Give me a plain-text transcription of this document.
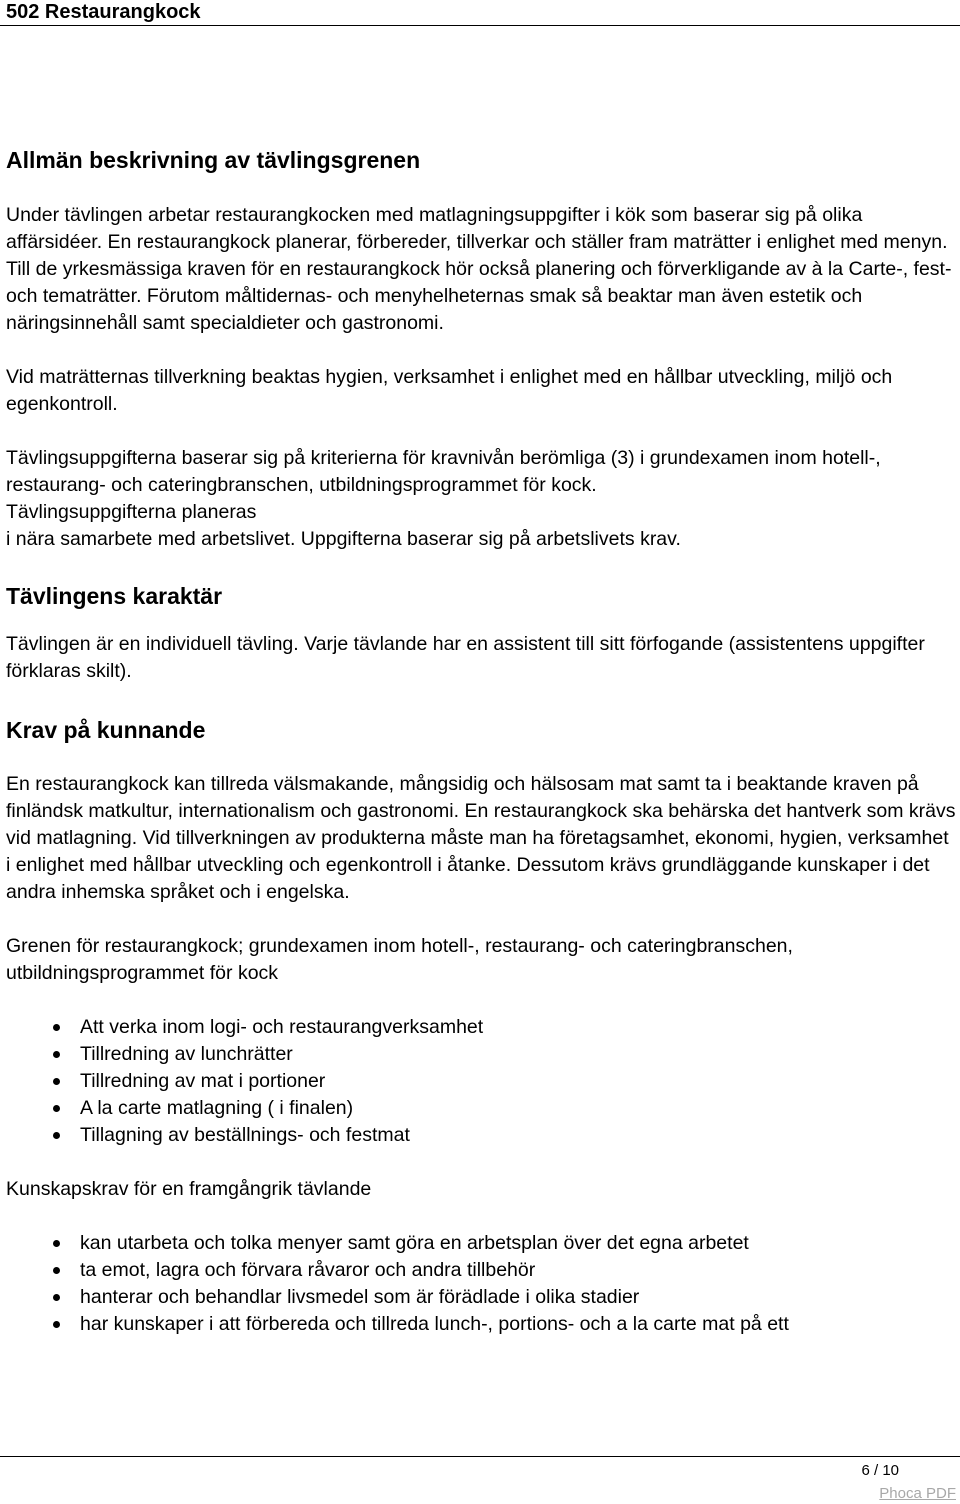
502 Restaurangkock
Allmän beskrivning av tävlingsgrenen

Under tävlingen arbetar restaurangkocken med matlagningsuppgifter i kök som baserar sig på olika affärsidéer. En restaurangkock planerar, förbereder, tillverkar och ställer fram maträtter i enlighet med menyn. Till de yrkesmässiga kraven för en restaurangkock hör också planering och förverkligande av à la Carte-, fest- och tematrätter. Förutom måltidernas- och menyhelheternas smak så beaktar man även estetik och näringsinnehåll samt specialdieter och gastronomi.

Vid maträtternas tillverkning beaktas hygien, verksamhet i enlighet med en hållbar utveckling, miljö och egenkontroll.

Tävlingsuppgifterna baserar sig på kriterierna för kravnivån berömliga (3) i grundexamen inom hotell-, restaurang- och cateringbranschen, utbildningsprogrammet för kock.

Tävlingsuppgifterna planeras

i nära samarbete med arbetslivet. Uppgifterna baserar sig på arbetslivets krav.

Tävlingens karaktär

Tävlingen är en individuell tävling. Varje tävlande har en assistent till sitt förfogande (assistentens uppgifter förklaras skilt).

Krav på kunnande

En restaurangkock kan tillreda välsmakande, mångsidig och hälsosam mat samt ta i beaktande kraven på finländsk matkultur, internationalism och gastronomi. En restaurangkock ska behärska det hantverk som krävs vid matlagning. Vid tillverkningen av produkterna måste man ha företagsamhet, ekonomi, hygien, verksamhet i enlighet med hållbar utveckling och egenkontroll i åtanke. Dessutom krävs grundläggande kunskaper i det andra inhemska språket och i engelska.

Grenen för restaurangkock; grundexamen inom hotell-, restaurang- och cateringbranschen, utbildningsprogrammet för kock

Att verka inom logi- och restaurangverksamhet
Tillredning av lunchrätter
Tillredning av mat i portioner
A la carte matlagning ( i finalen)
Tillagning av beställnings- och festmat

Kunskapskrav för en framgångrik tävlande

kan utarbeta och tolka menyer samt göra en arbetsplan över det egna arbetet
ta emot, lagra och förvara råvaror och andra tillbehör
hanterar och behandlar livsmedel som är förädlade i olika stadier
har kunskaper i att förbereda och tillreda lunch-, portions- och a la carte mat på ett
6 / 10
Phoca PDF
